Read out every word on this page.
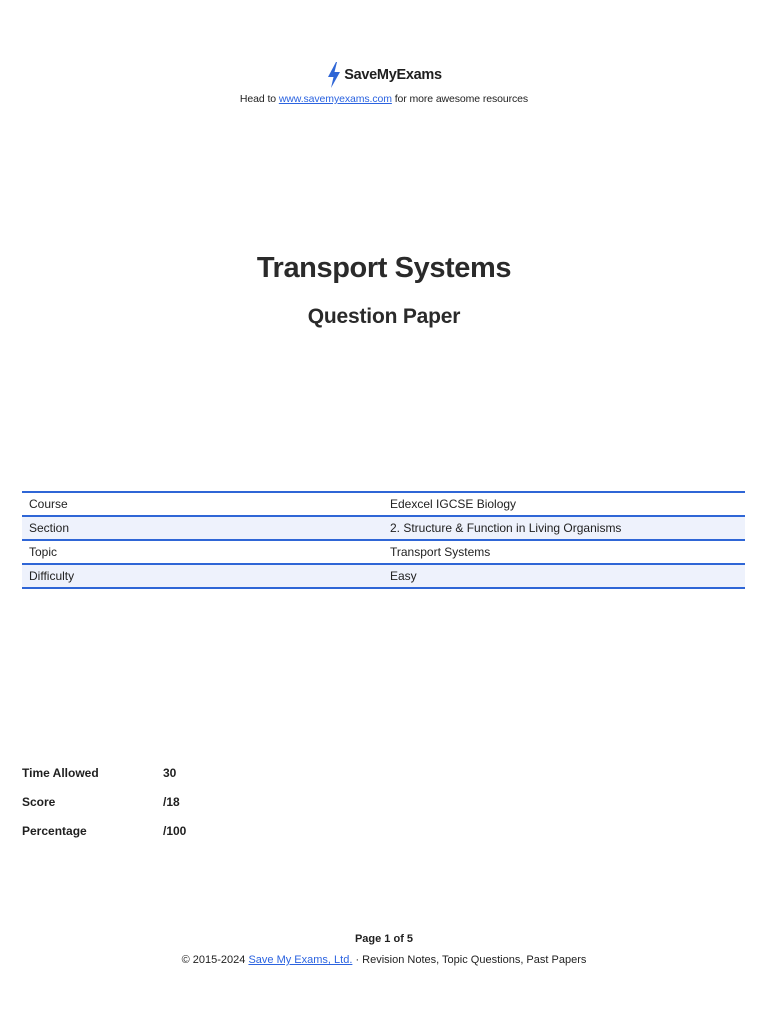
SaveMyExams
Head to www.savemyexams.com for more awesome resources
Transport Systems
Question Paper
Course	Edexcel IGCSE Biology
Section	2. Structure & Function in Living Organisms
Topic	Transport Systems
Difficulty	Easy
Time Allowed	30
Score	/18
Percentage	/100
Page 1 of 5
© 2015-2024 Save My Exams, Ltd. · Revision Notes, Topic Questions, Past Papers
